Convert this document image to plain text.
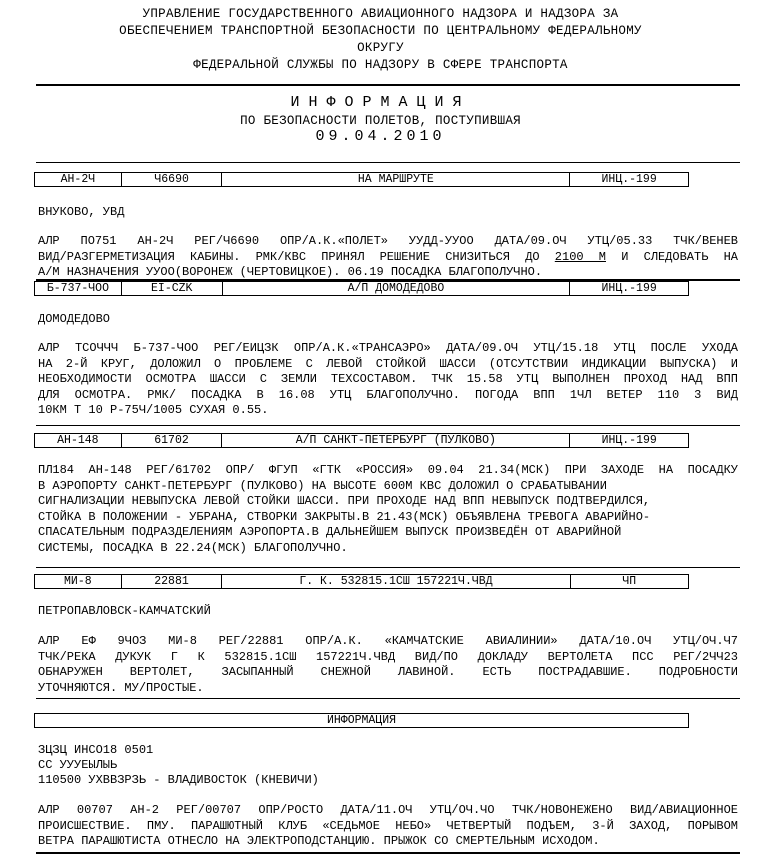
УПРАВЛЕНИЕ ГОСУДАРСТВЕННОГО АВИАЦИОННОГО НАДЗОРА И НАДЗОРА ЗА
ОБЕСПЕЧЕНИЕМ ТРАНСПОРТНОЙ БЕЗОПАСНОСТИ ПО ЦЕНТРАЛЬНОМУ ФЕДЕРАЛЬНОМУ
ОКРУГУ
ФЕДЕРАЛЬНОЙ СЛУЖБЫ ПО НАДЗОРУ В СФЕРЕ ТРАНСПОРТА
ИНФОРМАЦИЯ
ПО БЕЗОПАСНОСТИ ПОЛЕТОВ, ПОСТУПИВШАЯ
09.04.2010
АН-2Ч	Ч6690	НА МАРШРУТЕ	ИНЦ.-199
ВНУКОВО, УВД
АЛР ПО751 АН-2Ч РЕГ/Ч6690 ОПР/А.К.«ПОЛЕТ» УУДД-УУОО ДАТА/09.ОЧ УТЦ/05.33 ТЧК/ВЕНЕВ
ВИД/РАЗГЕРМЕТИЗАЦИЯ КАБИНЫ. РМК/КВС ПРИНЯЛ РЕШЕНИЕ СНИЗИТЬСЯ ДО 2100 М И СЛЕДОВАТЬ НА
А/М НАЗНАЧЕНИЯ УУОО(ВОРОНЕЖ (ЧЕРТОВИЦКОЕ). 06.19 ПОСАДКА БЛАГОПОЛУЧНО.
Б-737-ЧОО	EI-CZK	А/П ДОМОДЕДОВО	ИНЦ.-199
ДОМОДЕДОВО
АЛР ТСОЧЧЧ Б-737-ЧОО РЕГ/ЕИЦЗК ОПР/А.К.«ТРАНСАЭРО» ДАТА/09.ОЧ УТЦ/15.18 УТЦ ПОСЛЕ УХОДА
НА 2-Й КРУГ, ДОЛОЖИЛ О ПРОБЛЕМЕ С ЛЕВОЙ СТОЙКОЙ ШАССИ (ОТСУТСТВИИ ИНДИКАЦИИ ВЫПУСКА) И
НЕОБХОДИМОСТИ ОСМОТРА ШАССИ С ЗЕМЛИ ТЕХСОСТАВОМ. ТЧК 15.58 УТЦ ВЫПОЛНЕН ПРОХОД НАД ВПП
ДЛЯ ОСМОТРА. РМК/ ПОСАДКА В 16.08 УТЦ БЛАГОПОЛУЧНО. ПОГОДА ВПП 1ЧЛ ВЕТЕР 110 3 ВИД
10КМ Т 10 Р-75Ч/1005 СУХАЯ 0.55.
АН-148	61702	А/П САНКТ-ПЕТЕРБУРГ (ПУЛКОВО)	ИНЦ.-199
ПЛ184 АН-148 РЕГ/61702 ОПР/ ФГУП «ГТК «РОССИЯ» 09.04 21.34(МСК) ПРИ ЗАХОДЕ НА ПОСАДКУ
В АЭРОПОРТУ САНКТ-ПЕТЕРБУРГ (ПУЛКОВО) НА ВЫСОТЕ 600М КВС ДОЛОЖИЛ О СРАБАТЫВАНИИ
СИГНАЛИЗАЦИИ НЕВЫПУСКА ЛЕВОЙ СТОЙКИ ШАССИ. ПРИ ПРОХОДЕ НАД ВПП НЕВЫПУСК ПОДТВЕРДИЛСЯ,
СТОЙКА В ПОЛОЖЕНИИ - УБРАНА, СТВОРКИ ЗАКРЫТЫ.В 21.43(МСК) ОБЪЯВЛЕНА ТРЕВОГА АВАРИЙНО-
СПАСАТЕЛЬНЫМ ПОДРАЗДЕЛЕНИЯМ АЭРОПОРТА.В ДАЛЬНЕЙШЕМ ВЫПУСК ПРОИЗВЕДЁН ОТ АВАРИЙНОЙ
СИСТЕМЫ, ПОСАДКА В 22.24(МСК) БЛАГОПОЛУЧНО.
МИ-8	22881	Г. К. 532815.1СШ 157221Ч.ЧВД	ЧП
ПЕТРОПАВЛОВСК-КАМЧАТСКИЙ
АЛР ЕФ 9ЧОЗ МИ-8 РЕГ/22881 ОПР/А.К. «КАМЧАТСКИЕ АВИАЛИНИИ» ДАТА/10.ОЧ УТЦ/ОЧ.Ч7
ТЧК/РЕКА ДУКУК Г К 532815.1СШ 157221Ч.ЧВД ВИД/ПО ДОКЛАДУ ВЕРТОЛЕТА ПСС РЕГ/2ЧЧ23
ОБНАРУЖЕН ВЕРТОЛЕТ, ЗАСЫПАННЫЙ СНЕЖНОЙ ЛАВИНОЙ. ЕСТЬ ПОСТРАДАВШИЕ. ПОДРОБНОСТИ
УТОЧНЯЮТСЯ. МУ/ПРОСТЫЕ.
ИНФОРМАЦИЯ
ЗЦЗЦ ИНСО18 0501
СС УУУЕЫЛЫЬ
110500 УХВВЗРЗЬ - ВЛАДИВОСТОК (КНЕВИЧИ)
АЛР 00707 АН-2 РЕГ/00707 ОПР/РОСТО ДАТА/11.ОЧ УТЦ/ОЧ.ЧО ТЧК/НОВОНЕЖЕНО ВИД/АВИАЦИОННОЕ
ПРОИСШЕСТВИЕ. ПМУ. ПАРАШЮТНЫЙ КЛУБ «СЕДЬМОЕ НЕБО» ЧЕТВЕРТЫЙ ПОДЪЕМ, 3-Й ЗАХОД, ПОРЫВОМ
ВЕТРА ПАРАШЮТИСТА ОТНЕСЛО НА ЭЛЕКТРОПОДСТАНЦИЮ. ПРЫЖОК СО СМЕРТЕЛЬНЫМ ИСХОДОМ.
